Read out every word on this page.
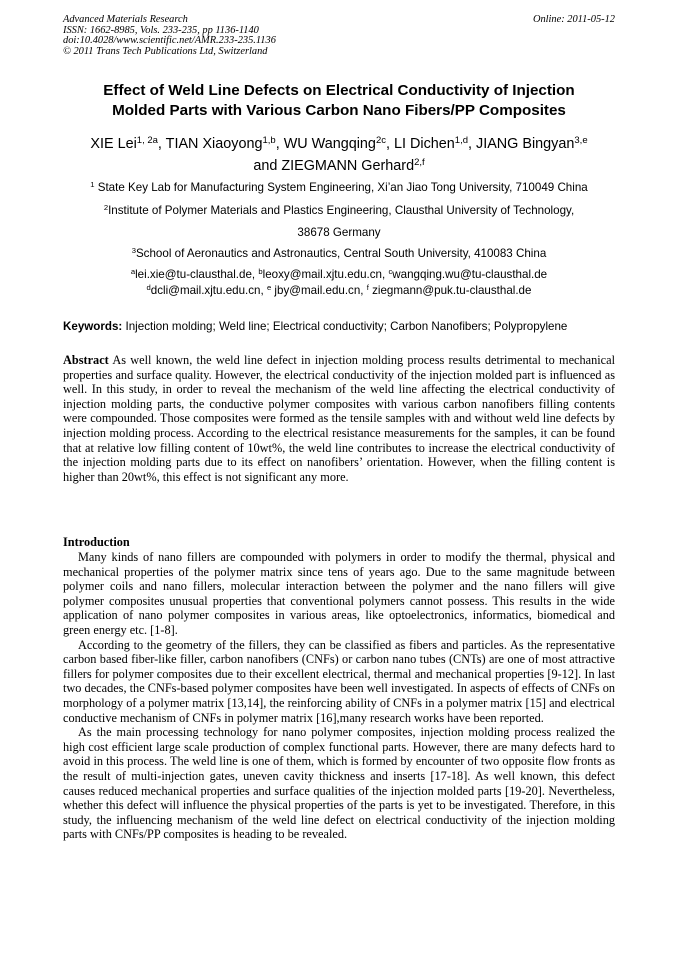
Advanced Materials Research
ISSN: 1662-8985, Vols. 233-235, pp 1136-1140
doi:10.4028/www.scientific.net/AMR.233-235.1136
© 2011 Trans Tech Publications Ltd, Switzerland
Online: 2011-05-12
Effect of Weld Line Defects on Electrical Conductivity of Injection
Molded Parts with Various Carbon Nano Fibers/PP Composites
XIE Lei$^{1, 2a}$, TIAN Xiaoyong$^{1,b}$, WU Wangqing$^{2c}$, LI Dichen$^{1,d}$, JIANG Bingyan$^{3,e}$
and ZIEGMANN Gerhard$^{2,f}$
$^1$ State Key Lab for Manufacturing System Engineering, Xi’an Jiao Tong University, 710049 China
$^2$Institute of Polymer Materials and Plastics Engineering, Clausthal University of Technology,
38678 Germany
$^3$School of Aeronautics and Astronautics, Central South University, 410083 China
$^a$lei.xie@tu-clausthal.de, $^b$leoxy@mail.xjtu.edu.cn, $^c$wangqing.wu@tu-clausthal.de
$^d$dcli@mail.xjtu.edu.cn, $^e$ jby@mail.edu.cn, $^f$ ziegmann@puk.tu-clausthal.de
Keywords: Injection molding; Weld line; Electrical conductivity; Carbon Nanofibers; Polypropylene

Abstract As well known, the weld line defect in injection molding process results detrimental to mechanical properties and surface quality. However, the electrical conductivity of the injection molded part is influenced as well. In this study, in order to reveal the mechanism of the weld line affecting the electrical conductivity of injection molding parts, the conductive polymer composites with various carbon nanofibers filling contents were compounded. Those composites were formed as the tensile samples with and without weld line defects by injection molding process. According to the electrical resistance measurements for the samples, it can be found that at relative low filling content of 10wt%, the weld line contributes to increase the electrical conductivity of the injection molding parts due to its effect on nanofibers’ orientation. However, when the filling content is higher than 20wt%, this effect is not significant any more.

Introduction

Many kinds of nano fillers are compounded with polymers in order to modify the thermal, physical and mechanical properties of the polymer matrix since tens of years ago. Due to the same magnitude between polymer coils and nano fillers, molecular interaction between the polymer and the nano fillers will give polymer composites unusual properties that conventional polymers cannot possess. This results in the wide application of nano polymer composites in various areas, like optoelectronics, informatics, biomedical and green energy etc. [1-8].

According to the geometry of the fillers, they can be classified as fibers and particles. As the representative carbon based fiber-like filler, carbon nanofibers (CNFs) or carbon nano tubes (CNTs) are one of most attractive fillers for polymer composites due to their excellent electrical, thermal and mechanical properties [9-12]. In last two decades, the CNFs-based polymer composites have been well investigated. In aspects of effects of CNFs on morphology of a polymer matrix [13,14], the reinforcing ability of CNFs in a polymer matrix [15] and electrical conductive mechanism of CNFs in polymer matrix [16],many research works have been reported.

As the main processing technology for nano polymer composites, injection molding process realized the high cost efficient large scale production of complex functional parts. However, there are many defects hard to avoid in this process. The weld line is one of them, which is formed by encounter of two opposite flow fronts as the result of multi-injection gates, uneven cavity thickness and inserts [17-18]. As well known, this defect causes reduced mechanical properties and surface qualities of the injection molded parts [19-20]. Nevertheless, whether this defect will influence the physical properties of the parts is yet to be investigated. Therefore, in this study, the influencing mechanism of the weld line defect on electrical conductivity of the injection molding parts with CNFs/PP composites is heading to be revealed.
